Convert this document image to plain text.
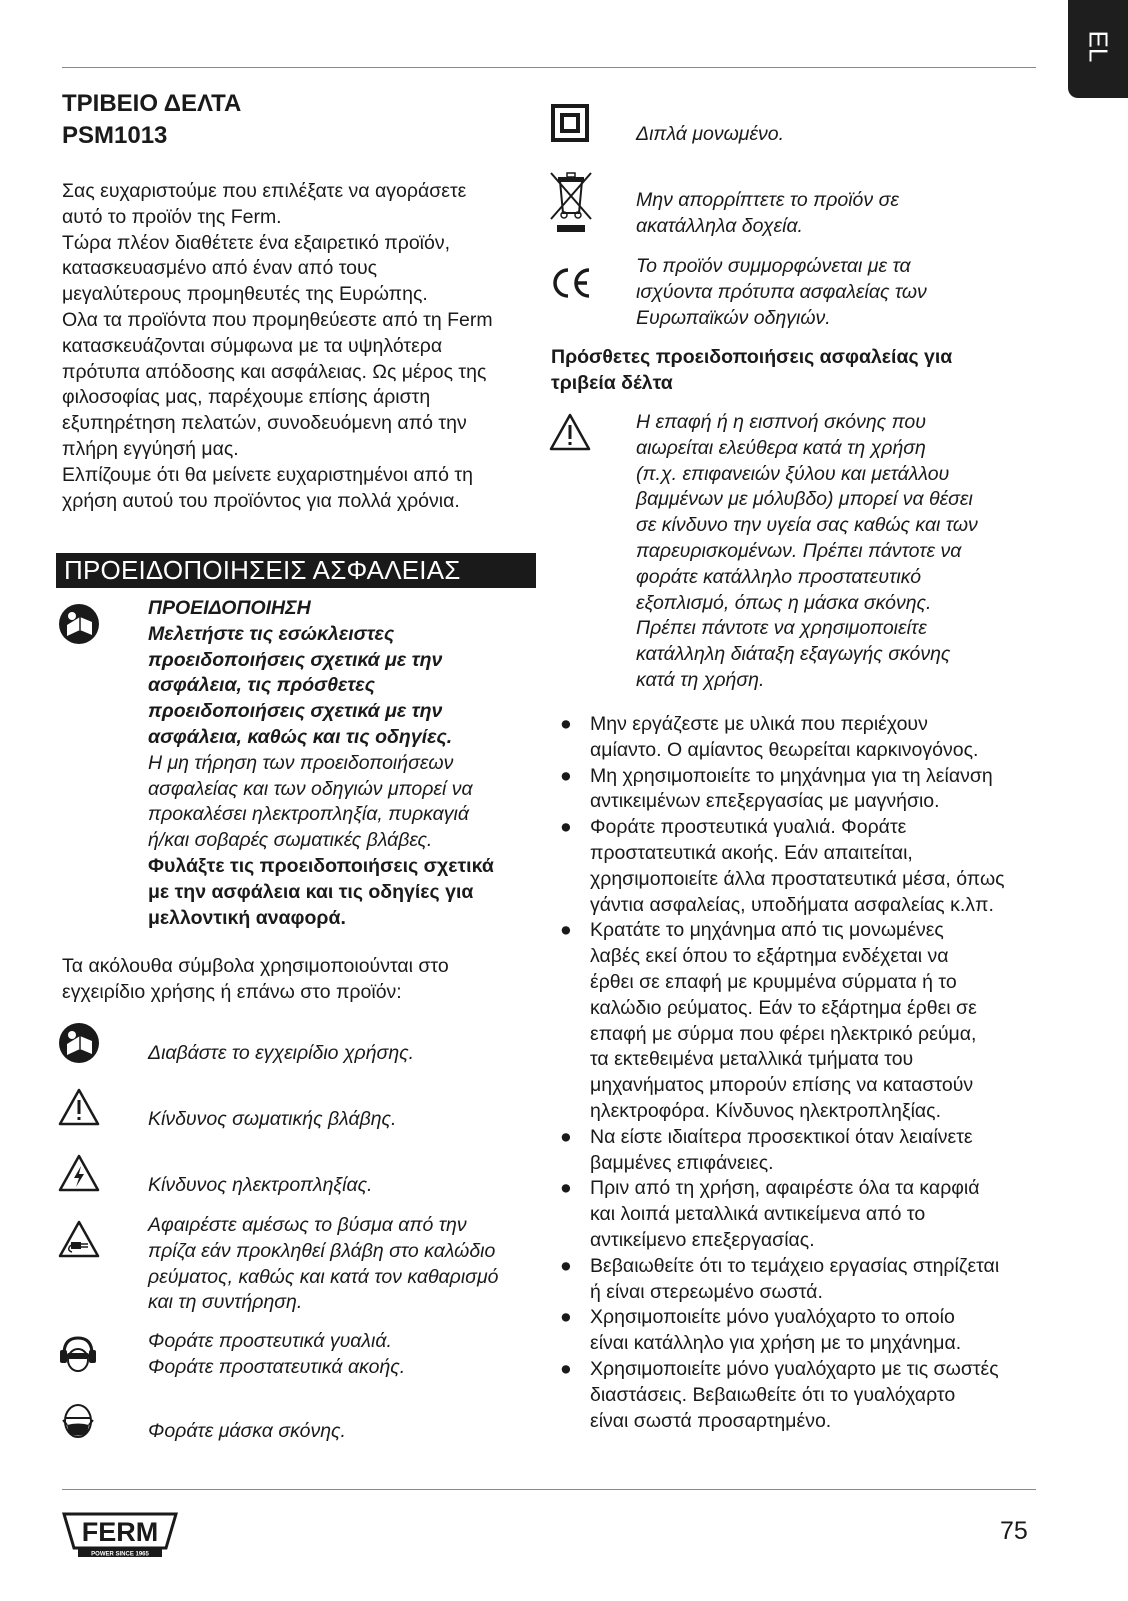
EL
ΤΡΙΒΕΙΟ ΔΕΛΤΑ
PSM1013
Σας ευχαριστούμε που επιλέξατε να αγοράσετε
αυτό το προϊόν της Ferm.
Τώρα πλέον διαθέτετε ένα εξαιρετικό προϊόν,
κατασκευασμένο από έναν από τους
μεγαλύτερους προμηθευτές της Ευρώπης.
Ολα τα προϊόντα που προμηθεύεστε από τη Ferm
κατασκευάζονται σύμφωνα με τα υψηλότερα
πρότυπα απόδοσης και ασφάλειας. Ως μέρος της
φιλοσοφίας μας, παρέχουμε επίσης άριστη
εξυπηρέτηση πελατών, συνοδευόμενη από την
πλήρη εγγύησή μας.
Ελπίζουμε ότι θα μείνετε ευχαριστημένοι από τη
χρήση αυτού του προϊόντος για πολλά χρόνια.
ΠΡΟΕΙΔΟΠΟΙΗΣΕΙΣ ΑΣΦΑΛΕΙΑΣ
ΠΡΟΕΙΔΟΠΟΙΗΣΗ
Μελετήστε τις εσώκλειστες
προειδοποιήσεις σχετικά με την
ασφάλεια, τις πρόσθετες
προειδοποιήσεις σχετικά με την
ασφάλεια, καθώς και τις οδηγίες.
Η μη τήρηση των προειδοποιήσεων
ασφαλείας και των οδηγιών μπορεί να
προκαλέσει ηλεκτροπληξία, πυρκαγιά
ή/και σοβαρές σωματικές βλάβες.
Φυλάξτε τις προειδοποιήσεις σχετικά
με την ασφάλεια και τις οδηγίες για
μελλοντική αναφορά.
Τα ακόλουθα σύμβολα χρησιμοποιούνται στο
εγχειρίδιο χρήσης ή επάνω στο προϊόν:
Διαβάστε το εγχειρίδιο χρήσης.
Κίνδυνος σωματικής βλάβης.
Κίνδυνος ηλεκτροπληξίας.
Αφαιρέστε αμέσως το βύσμα από την
πρίζα εάν προκληθεί βλάβη στο καλώδιο
ρεύματος, καθώς και κατά τον καθαρισμό
και τη συντήρηση.
Φοράτε προστευτικά γυαλιά.
Φοράτε προστατευτικά ακοής.
Φοράτε μάσκα σκόνης.
Διπλά μονωμένο.
Μην απορρίπτετε το προϊόν σε
ακατάλληλα δοχεία.
Το προϊόν συμμορφώνεται με τα
ισχύοντα πρότυπα ασφαλείας των
Ευρωπαϊκών οδηγιών.
Πρόσθετες προειδοποιήσεις ασφαλείας για
τριβεία δέλτα
Η επαφή ή η εισπνοή σκόνης που
αιωρείται ελεύθερα κατά τη χρήση
(π.χ. επιφανειών ξύλου και μετάλλου
βαμμένων με μόλυβδο) μπορεί να θέσει
σε κίνδυνο την υγεία σας καθώς και των
παρευρισκομένων. Πρέπει πάντοτε να
φοράτε κατάλληλο προστατευτικό
εξοπλισμό, όπως η μάσκα σκόνης.
Πρέπει πάντοτε να χρησιμοποιείτε
κατάλληλη διάταξη εξαγωγής σκόνης
κατά τη χρήση.
● Μην εργάζεστε με υλικά που περιέχουν
αμίαντο. Ο αμίαντος θεωρείται καρκινογόνος.
● Μη χρησιμοποιείτε το μηχάνημα για τη λείανση
αντικειμένων επεξεργασίας με μαγνήσιο.
● Φοράτε προστευτικά γυαλιά. Φοράτε
προστατευτικά ακοής. Εάν απαιτείται,
χρησιμοποιείτε άλλα προστατευτικά μέσα, όπως
γάντια ασφαλείας, υποδήματα ασφαλείας κ.λπ.
● Κρατάτε το μηχάνημα από τις μονωμένες
λαβές εκεί όπου το εξάρτημα ενδέχεται να
έρθει σε επαφή με κρυμμένα σύρματα ή το
καλώδιο ρεύματος. Εάν το εξάρτημα έρθει σε
επαφή με σύρμα που φέρει ηλεκτρικό ρεύμα,
τα εκτεθειμένα μεταλλικά τμήματα του
μηχανήματος μπορούν επίσης να καταστούν
ηλεκτροφόρα. Κίνδυνος ηλεκτροπληξίας.
● Να είστε ιδιαίτερα προσεκτικοί όταν λειαίνετε
βαμμένες επιφάνειες.
● Πριν από τη χρήση, αφαιρέστε όλα τα καρφιά
και λοιπά μεταλλικά αντικείμενα από το
αντικείμενο επεξεργασίας.
● Βεβαιωθείτε ότι το τεμάχειο εργασίας στηρίζεται
ή είναι στερεωμένο σωστά.
● Χρησιμοποιείτε μόνο γυαλόχαρτο το οποίο
είναι κατάλληλο για χρήση με το μηχάνημα.
● Χρησιμοποιείτε μόνο γυαλόχαρτο με τις σωστές
διαστάσεις. Βεβαιωθείτε ότι το γυαλόχαρτο
είναι σωστά προσαρτημένο.
FERM
POWER SINCE 1965
75
